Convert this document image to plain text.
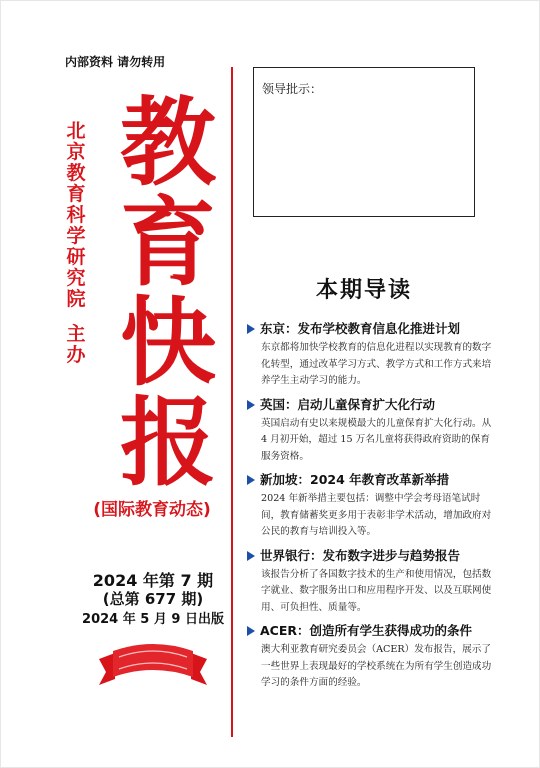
内部资料 请勿转用
北京教育科学研究院
主办
教
育
快
报
(国际教育动态)
2024 年第 7 期
(总第 677 期)
2024 年 5 月 9 日出版
领导批示：
本期导读
东京：发布学校教育信息化推进计划
东京都将加快学校教育的信息化进程以实现教育的数字化转型，通过改革学习方式、教学方式和工作方式来培养学生主动学习的能力。
英国：启动儿童保育扩大化行动
英国启动有史以来规模最大的儿童保育扩大化行动。从 4 月初开始，超过 15 万名儿童将获得政府资助的保育服务资格。
新加坡：2024 年教育改革新举措
2024 年新举措主要包括：调整中学会考母语笔试时间，教育储蓄奖更多用于表彰非学术活动，增加政府对公民的教育与培训投入等。
世界银行：发布数字进步与趋势报告
该报告分析了各国数字技术的生产和使用情况，包括数字就业、数字服务出口和应用程序开发、以及互联网使用、可负担性、质量等。
ACER：创造所有学生获得成功的条件
澳大利亚教育研究委员会（ACER）发布报告，展示了一些世界上表现最好的学校系统在为所有学生创造成功学习的条件方面的经验。
